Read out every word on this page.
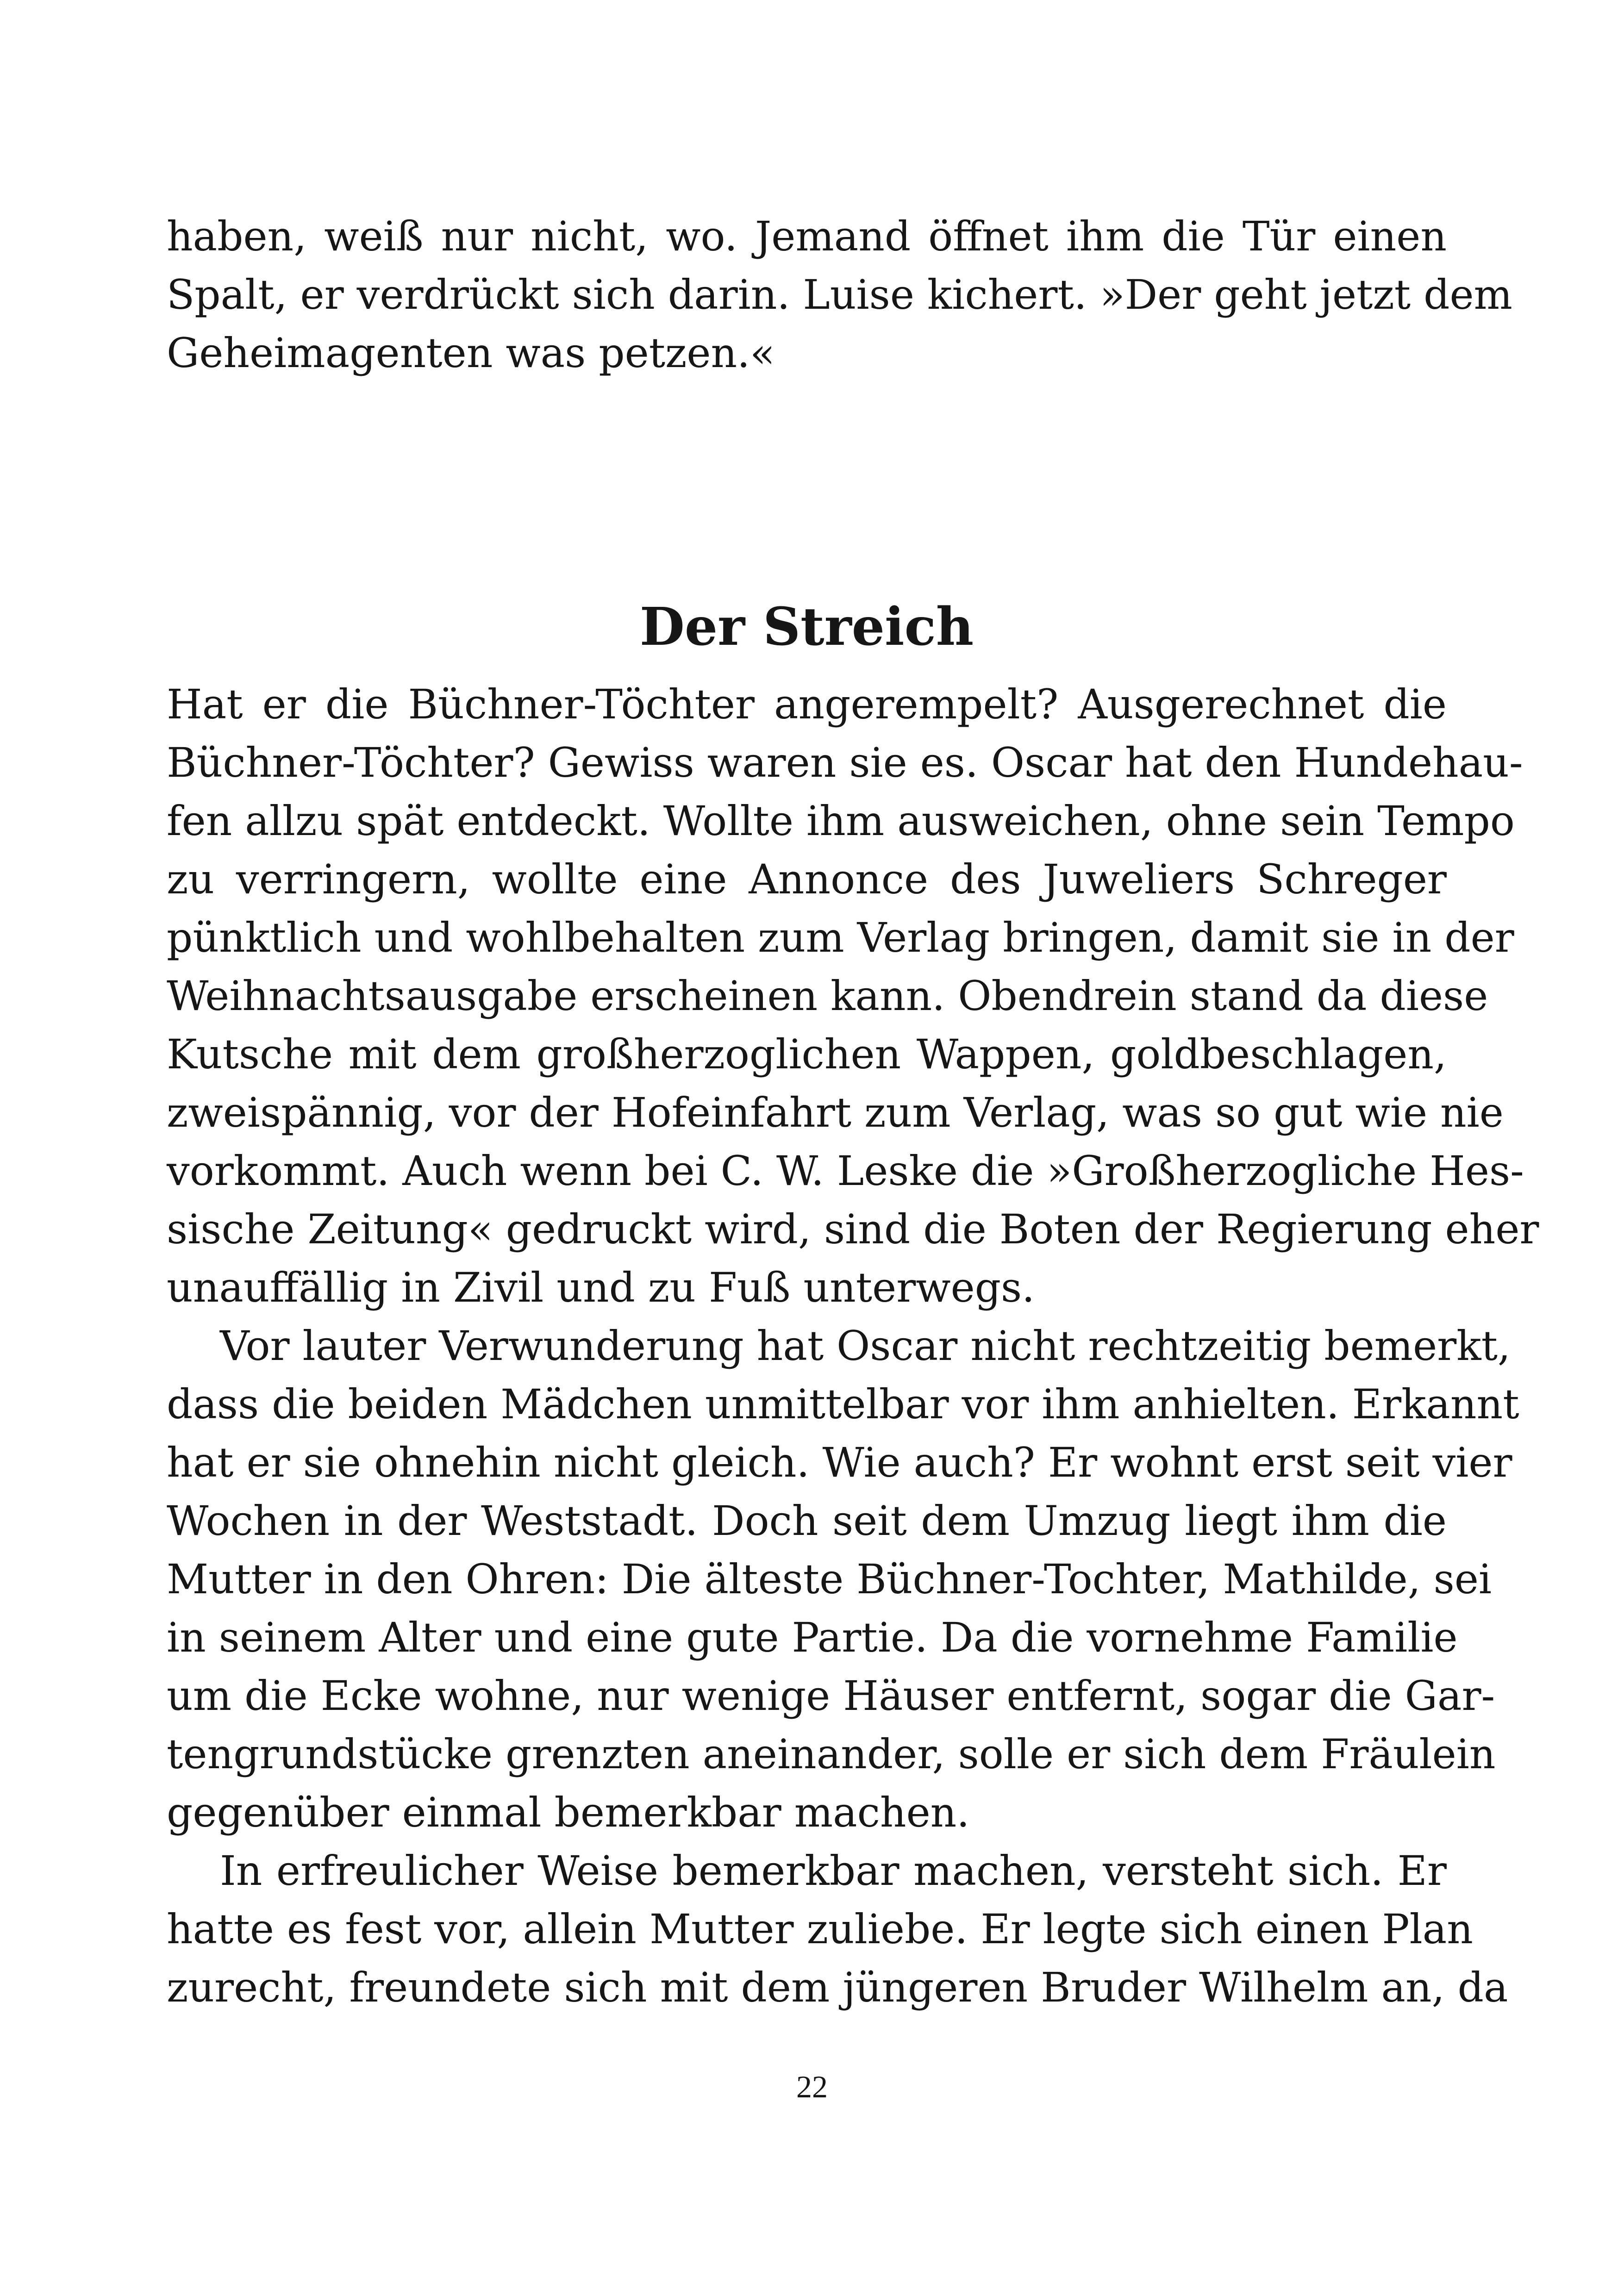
haben, weiß nur nicht, wo. Jemand öffnet ihm die Tür einen
Spalt, er verdrückt sich darin. Luise kichert. »Der geht jetzt dem
Geheimagenten was petzen.«
Der Streich
Hat er die Büchner-Töchter angerempelt? Ausgerechnet die
Büchner-Töchter? Gewiss waren sie es. Oscar hat den Hundehau-
fen allzu spät entdeckt. Wollte ihm ausweichen, ohne sein Tempo
zu verringern, wollte eine Annonce des Juweliers Schreger
pünktlich und wohlbehalten zum Verlag bringen, damit sie in der
Weihnachtsausgabe erscheinen kann. Obendrein stand da diese
Kutsche mit dem großherzoglichen Wappen, goldbeschlagen,
zweispännig, vor der Hofeinfahrt zum Verlag, was so gut wie nie
vorkommt. Auch wenn bei C. W. Leske die »Großherzogliche Hes-
sische Zeitung« gedruckt wird, sind die Boten der Regierung eher
unauffällig in Zivil und zu Fuß unterwegs.
Vor lauter Verwunderung hat Oscar nicht rechtzeitig bemerkt,
dass die beiden Mädchen unmittelbar vor ihm anhielten. Erkannt
hat er sie ohnehin nicht gleich. Wie auch? Er wohnt erst seit vier
Wochen in der Weststadt. Doch seit dem Umzug liegt ihm die
Mutter in den Ohren: Die älteste Büchner-Tochter, Mathilde, sei
in seinem Alter und eine gute Partie. Da die vornehme Familie
um die Ecke wohne, nur wenige Häuser entfernt, sogar die Gar-
tengrundstücke grenzten aneinander, solle er sich dem Fräulein
gegenüber einmal bemerkbar machen.
In erfreulicher Weise bemerkbar machen, versteht sich. Er
hatte es fest vor, allein Mutter zuliebe. Er legte sich einen Plan
zurecht, freundete sich mit dem jüngeren Bruder Wilhelm an, da
22
